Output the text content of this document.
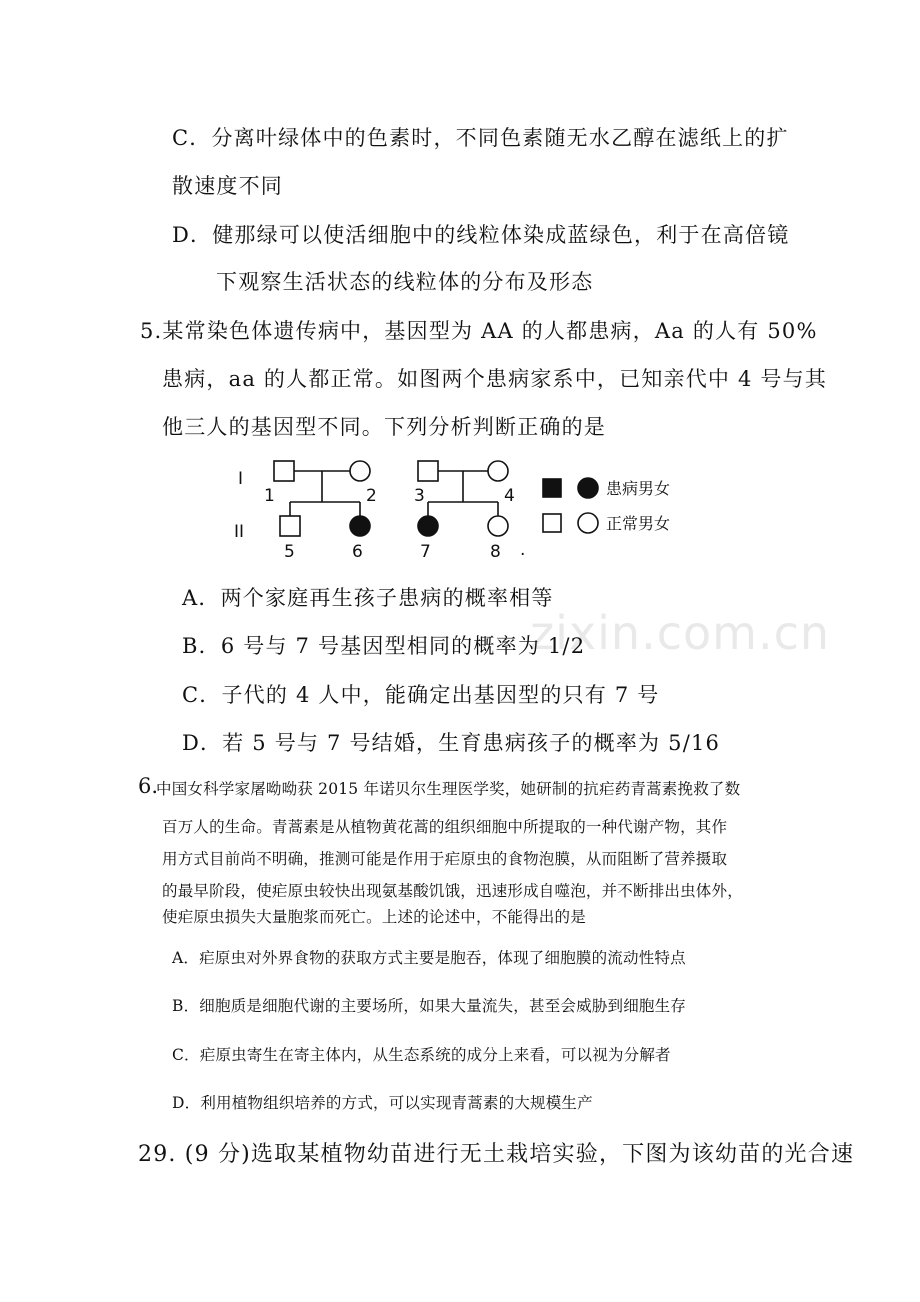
zixin.com.cn
C．分离叶绿体中的色素时，不同色素随无水乙醇在滤纸上的扩
散速度不同
D．健那绿可以使活细胞中的线粒体染成蓝绿色，利于在高倍镜
下观察生活状态的线粒体的分布及形态
5.某常染色体遗传病中，基因型为 AA 的人都患病，Aa 的人有 50%
患病，aa 的人都正常。如图两个患病家系中，已知亲代中 4 号与其
他三人的基因型不同。下列分析判断正确的是
I
II
1	2 3	4
5	6	7	8 .
患病男女
正常男女
A．两个家庭再生孩子患病的概率相等
B．6 号与 7 号基因型相同的概率为 1/2
C．子代的 4 人中，能确定出基因型的只有 7 号
D．若 5 号与 7 号结婚，生育患病孩子的概率为 5/16
6.
中国女科学家屠呦呦获 2015 年诺贝尔生理医学奖，她研制的抗疟药青蒿素挽救了数
百万人的生命。青蒿素是从植物黄花蒿的组织细胞中所提取的一种代谢产物，其作
用方式目前尚不明确，推测可能是作用于疟原虫的食物泡膜，从而阻断了营养摄取
的最早阶段，使疟原虫较快出现氨基酸饥饿，迅速形成自噬泡，并不断排出虫体外，
使疟原虫损失大量胞浆而死亡。上述的论述中，不能得出的是
A．疟原虫对外界食物的获取方式主要是胞吞，体现了细胞膜的流动性特点
B．细胞质是细胞代谢的主要场所，如果大量流失，甚至会威胁到细胞生存
C．疟原虫寄生在寄主体内，从生态系统的成分上来看，可以视为分解者
D．利用植物组织培养的方式，可以实现青蒿素的大规模生产
29. (9 分)选取某植物幼苗进行无土栽培实验，下图为该幼苗的光合速
